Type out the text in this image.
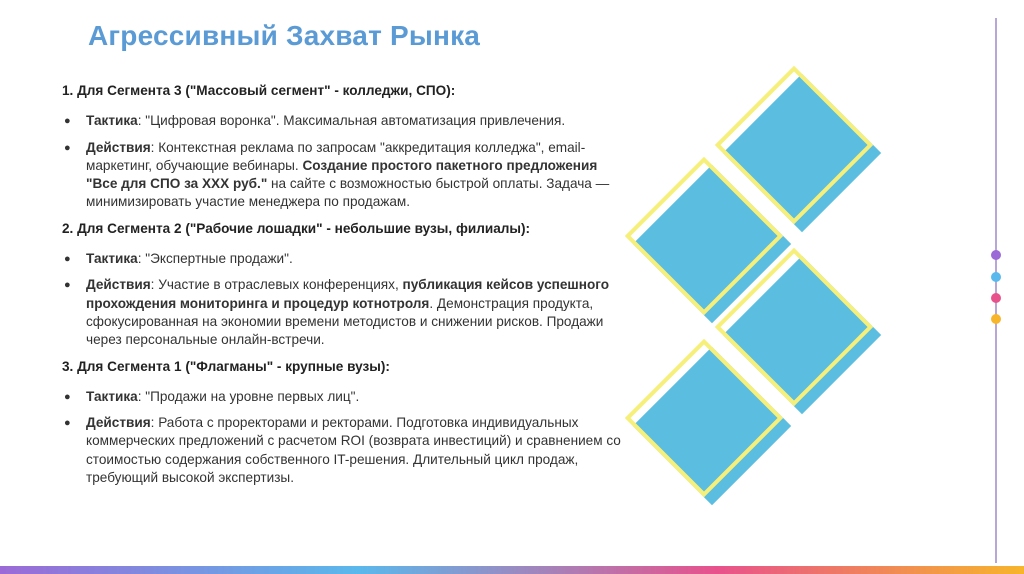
Агрессивный Захват Рынка

1. Для Сегмента 3 ("Массовый сегмент" - колледжи, СПО):

● Тактика: "Цифровая воронка". Максимальная автоматизация привлечения.
● Действия: Контекстная реклама по запросам "аккредитация колледжа", email-маркетинг, обучающие вебинары. Создание простого пакетного предложения "Все для СПО за ХХХ руб." на сайте с возможностью быстрой оплаты. Задача — минимизировать участие менеджера по продажам.

2. Для Сегмента 2 ("Рабочие лошадки" - небольшие вузы, филиалы):

● Тактика: "Экспертные продажи".
● Действия: Участие в отраслевых конференциях, публикация кейсов успешного прохождения мониторинга и процедур котнотроля. Демонстрация продукта, сфокусированная на экономии времени методистов и снижении рисков. Продажи через персональные онлайн-встречи.

3. Для Сегмента 1 ("Флагманы" - крупные вузы):

● Тактика: "Продажи на уровне первых лиц".
● Действия: Работа с проректорами и ректорами. Подготовка индивидуальных коммерческих предложений с расчетом ROI (возврата инвестиций) и сравнением со стоимостью содержания собственного IT-решения. Длительный цикл продаж, требующий высокой экспертизы.
